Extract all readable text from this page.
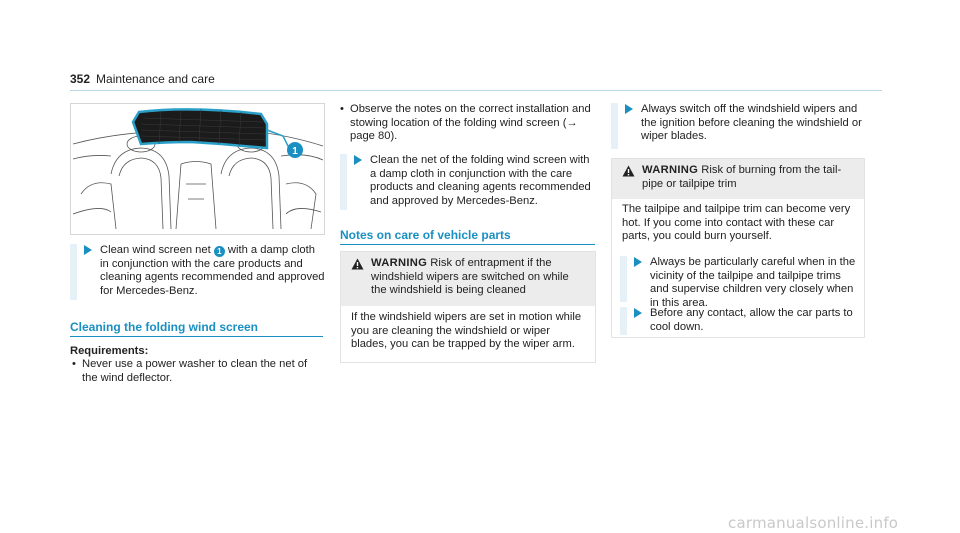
352 Maintenance and care
1
Clean wind screen net 1 with a damp cloth in conjunction with the care products and cleaning agents recommended and approved for Mercedes-Benz.
Cleaning the folding wind screen
Requirements:
• Never use a power washer to clean the net of the wind deflector.
• Observe the notes on the correct installation and stowing location of the folding wind screen (→ page 80).
Clean the net of the folding wind screen with a damp cloth in conjunction with the care products and cleaning agents recommended and approved by Mercedes-Benz.
Notes on care of vehicle parts
WARNING Risk of entrapment if the windshield wipers are switched on while the windshield is being cleaned
If the windshield wipers are set in motion while you are cleaning the windshield or wiper blades, you can be trapped by the wiper arm.
Always switch off the windshield wipers and the ignition before cleaning the windshield or wiper blades.
WARNING Risk of burning from the tail-pipe or tailpipe trim
The tailpipe and tailpipe trim can become very hot. If you come into contact with these car parts, you could burn yourself.
Always be particularly careful when in the vicinity of the tailpipe and tailpipe trims and supervise children very closely when in this area.
Before any contact, allow the car parts to cool down.
carmanualsonline.info
